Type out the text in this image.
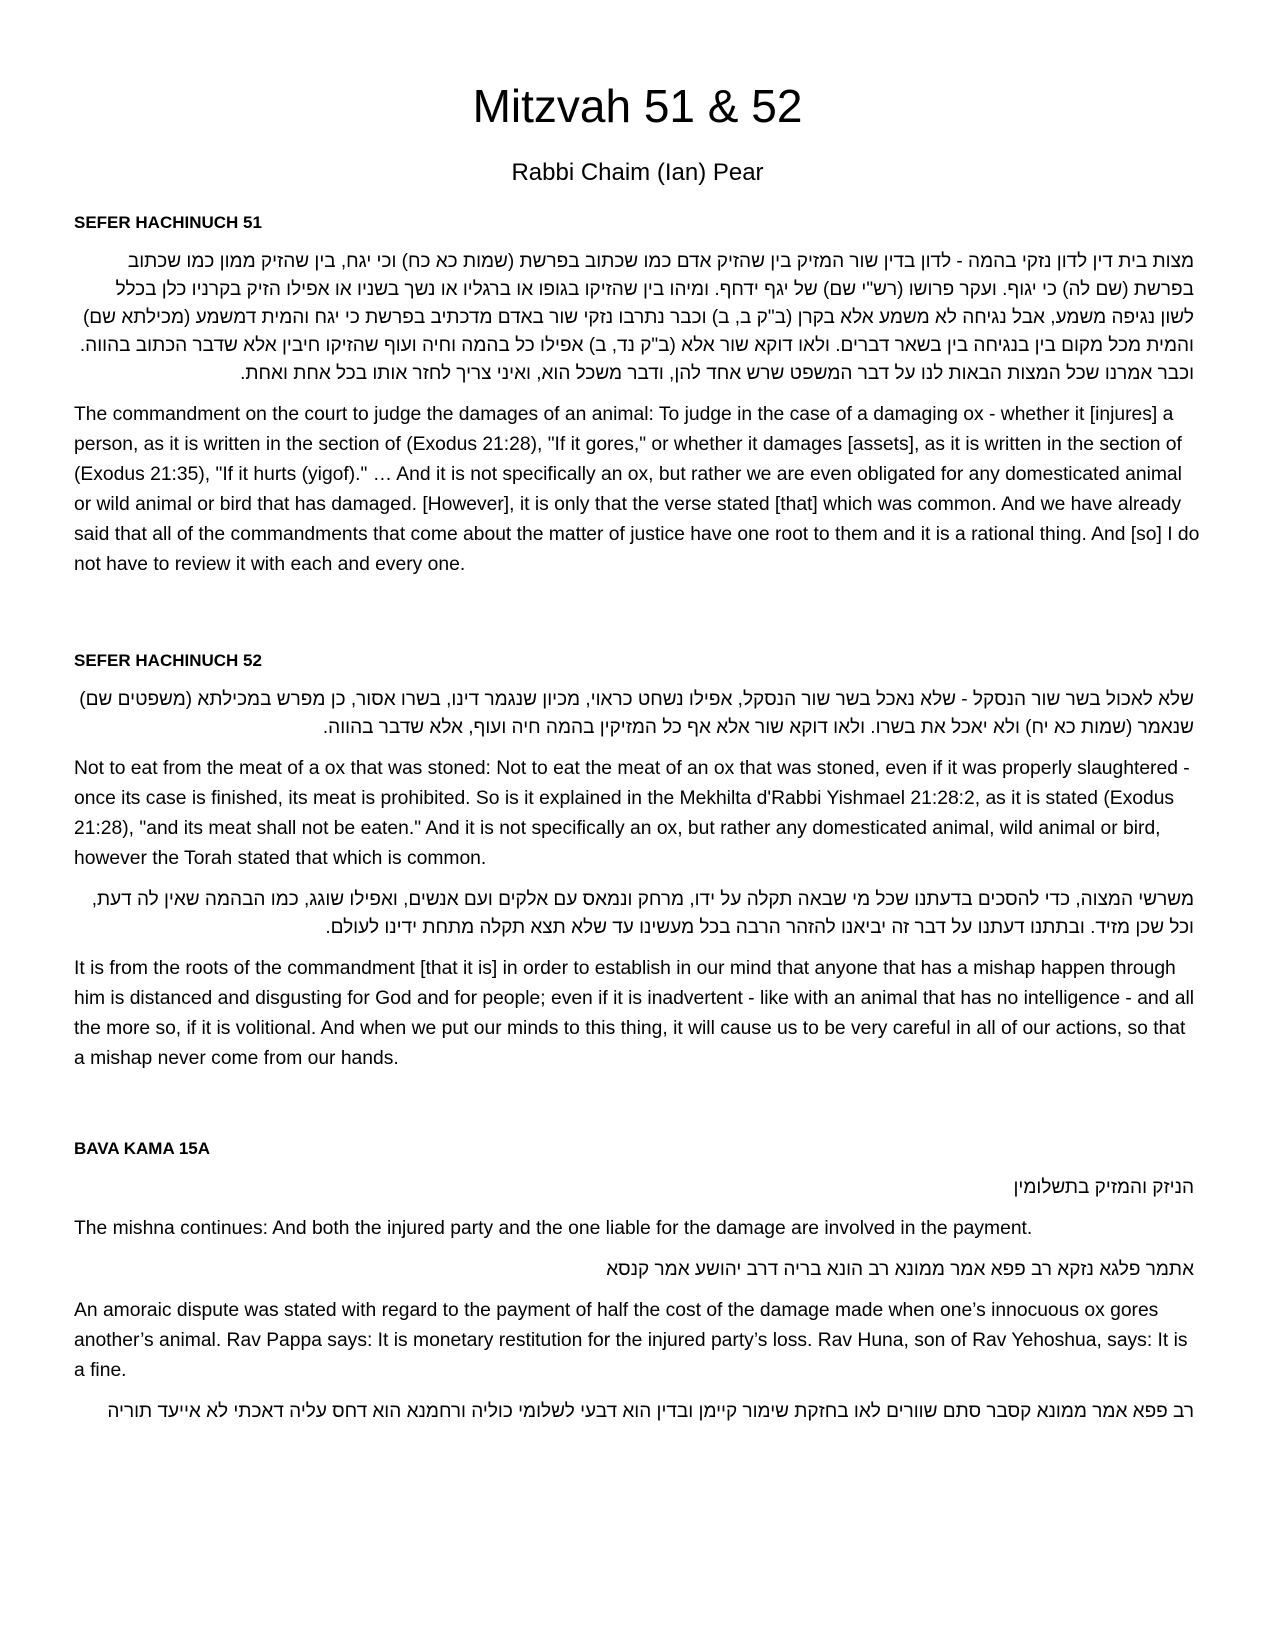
Mitzvah 51 & 52
Rabbi Chaim (Ian) Pear
SEFER HACHINUCH 51

מצות בית דין לדון נזקי בהמה - לדון בדין שור המזיק בין שהזיק אדם כמו שכתוב בפרשת (שמות כא כח) וכי יגח, בין שהזיק ממון כמו שכתוב בפרשת (שם לה) כי יגוף. ועקר פרושו (רש"י שם) של יגף ידחף. ומיהו בין שהזיקו בגופו או ברגליו או נשך בשניו או אפילו הזיק בקרניו כלן בכלל לשון נגיפה משמע, אבל נגיחה לא משמע אלא בקרן (ב"ק ב, ב) וכבר נתרבו נזקי שור באדם מדכתיב בפרשת כי יגח והמית דמשמע (מכילתא שם) והמית מכל מקום בין בנגיחה בין בשאר דברים. ולאו דוקא שור אלא (ב"ק נד, ב) אפילו כל בהמה וחיה ועוף שהזיקו חיבין אלא שדבר הכתוב בהווה. וכבר אמרנו שכל המצות הבאות לנו על דבר המשפט שרש אחד להן, ודבר משכל הוא, ואיני צריך לחזר אותו בכל אחת ואחת.

The commandment on the court to judge the damages of an animal: To judge in the case of a damaging ox - whether it [injures] a person, as it is written in the section of (Exodus 21:28), "If it gores," or whether it damages [assets], as it is written in the section of (Exodus 21:35), "If it hurts (yigof)." … And it is not specifically an ox, but rather we are even obligated for any domesticated animal or wild animal or bird that has damaged. [However], it is only that the verse stated [that] which was common. And we have already said that all of the commandments that come about the matter of justice have one root to them and it is a rational thing. And [so] I do not have to review it with each and every one.

SEFER HACHINUCH 52

שלא לאכול בשר שור הנסקל - שלא נאכל בשר שור הנסקל, אפילו נשחט כראוי, מכיון שנגמר דינו, בשרו אסור, כן מפרש במכילתא (משפטים שם) שנאמר (שמות כא יח) ולא יאכל את בשרו. ולאו דוקא שור אלא אף כל המזיקין בהמה חיה ועוף, אלא שדבר בהווה.

Not to eat from the meat of a ox that was stoned: Not to eat the meat of an ox that was stoned, even if it was properly slaughtered - once its case is finished, its meat is prohibited. So is it explained in the Mekhilta d'Rabbi Yishmael 21:28:2, as it is stated (Exodus 21:28), "and its meat shall not be eaten." And it is not specifically an ox, but rather any domesticated animal, wild animal or bird, however the Torah stated that which is common.

משרשי המצוה, כדי להסכים בדעתנו שכל מי שבאה תקלה על ידו, מרחק ונמאס עם אלקים ועם אנשים, ואפילו שוגג, כמו הבהמה שאין לה דעת, וכל שכן מזיד. ובתתנו דעתנו על דבר זה יביאנו להזהר הרבה בכל מעשינו עד שלא תצא תקלה מתחת ידינו לעולם.

It is from the roots of the commandment [that it is] in order to establish in our mind that anyone that has a mishap happen through him is distanced and disgusting for God and for people; even if it is inadvertent - like with an animal that has no intelligence - and all the more so, if it is volitional. And when we put our minds to this thing, it will cause us to be very careful in all of our actions, so that a mishap never come from our hands.

BAVA KAMA 15A

הניזק והמזיק בתשלומין

The mishna continues: And both the injured party and the one liable for the damage are involved in the payment.

אתמר פלגא נזקא רב פפא אמר ממונא רב הונא בריה דרב יהושע אמר קנסא

An amoraic dispute was stated with regard to the payment of half the cost of the damage made when one’s innocuous ox gores another’s animal. Rav Pappa says: It is monetary restitution for the injured party’s loss. Rav Huna, son of Rav Yehoshua, says: It is a fine.

רב פפא אמר ממונא קסבר סתם שוורים לאו בחזקת שימור קיימן ובדין הוא דבעי לשלומי כוליה ורחמנא הוא דחס עליה דאכתי לא אייעד תוריה
